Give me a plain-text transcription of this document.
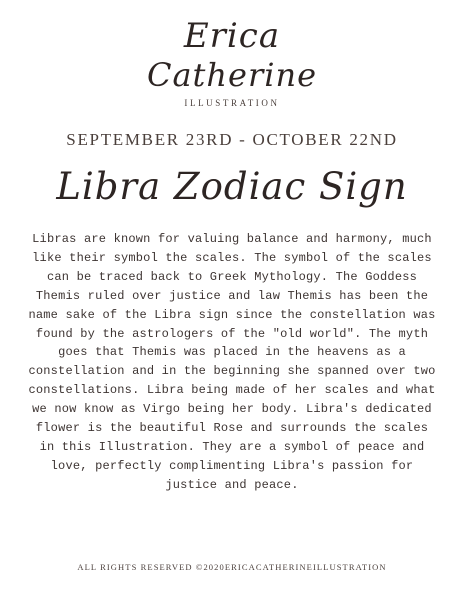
Erica
Catherine
ILLUSTRATION
SEPTEMBER 23RD - OCTOBER 22ND
Libra Zodiac Sign
Libras are known for valuing balance and harmony, much like their symbol the scales. The symbol of the scales can be traced back to Greek Mythology. The Goddess Themis ruled over justice and law Themis has been the name sake of the Libra sign since the constellation was found by the astrologers of the "old world". The myth goes that Themis was placed in the heavens as a constellation and in the beginning she spanned over two constellations. Libra being made of her scales and what we now know as Virgo being her body. Libra's dedicated flower is the beautiful Rose and surrounds the scales in this Illustration. They are a symbol of peace and love, perfectly complimenting Libra's passion for justice and peace.
ALL RIGHTS RESERVED ©2020ERICACATHERINEILLUSTRATION
